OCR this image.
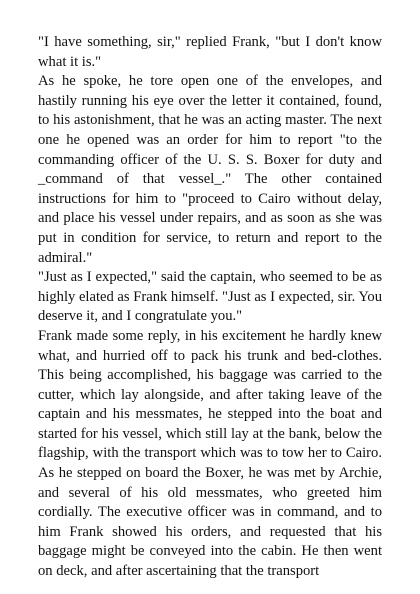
"I have something, sir," replied Frank, "but I don't know what it is."

As he spoke, he tore open one of the envelopes, and hastily running his eye over the letter it contained, found, to his astonishment, that he was an acting master. The next one he opened was an order for him to report "to the commanding officer of the U. S. S. Boxer for duty and _command of that vessel_." The other contained instructions for him to "proceed to Cairo without delay, and place his vessel under repairs, and as soon as she was put in condition for service, to return and report to the admiral."

"Just as I expected," said the captain, who seemed to be as highly elated as Frank himself. "Just as I expected, sir. You deserve it, and I congratulate you."

Frank made some reply, in his excitement he hardly knew what, and hurried off to pack his trunk and bed-clothes. This being accomplished, his baggage was carried to the cutter, which lay alongside, and after taking leave of the captain and his messmates, he stepped into the boat and started for his vessel, which still lay at the bank, below the flagship, with the transport which was to tow her to Cairo. As he stepped on board the Boxer, he was met by Archie, and several of his old messmates, who greeted him cordially. The executive officer was in command, and to him Frank showed his orders, and requested that his baggage might be conveyed into the cabin. He then went on deck, and after ascertaining that the transport
